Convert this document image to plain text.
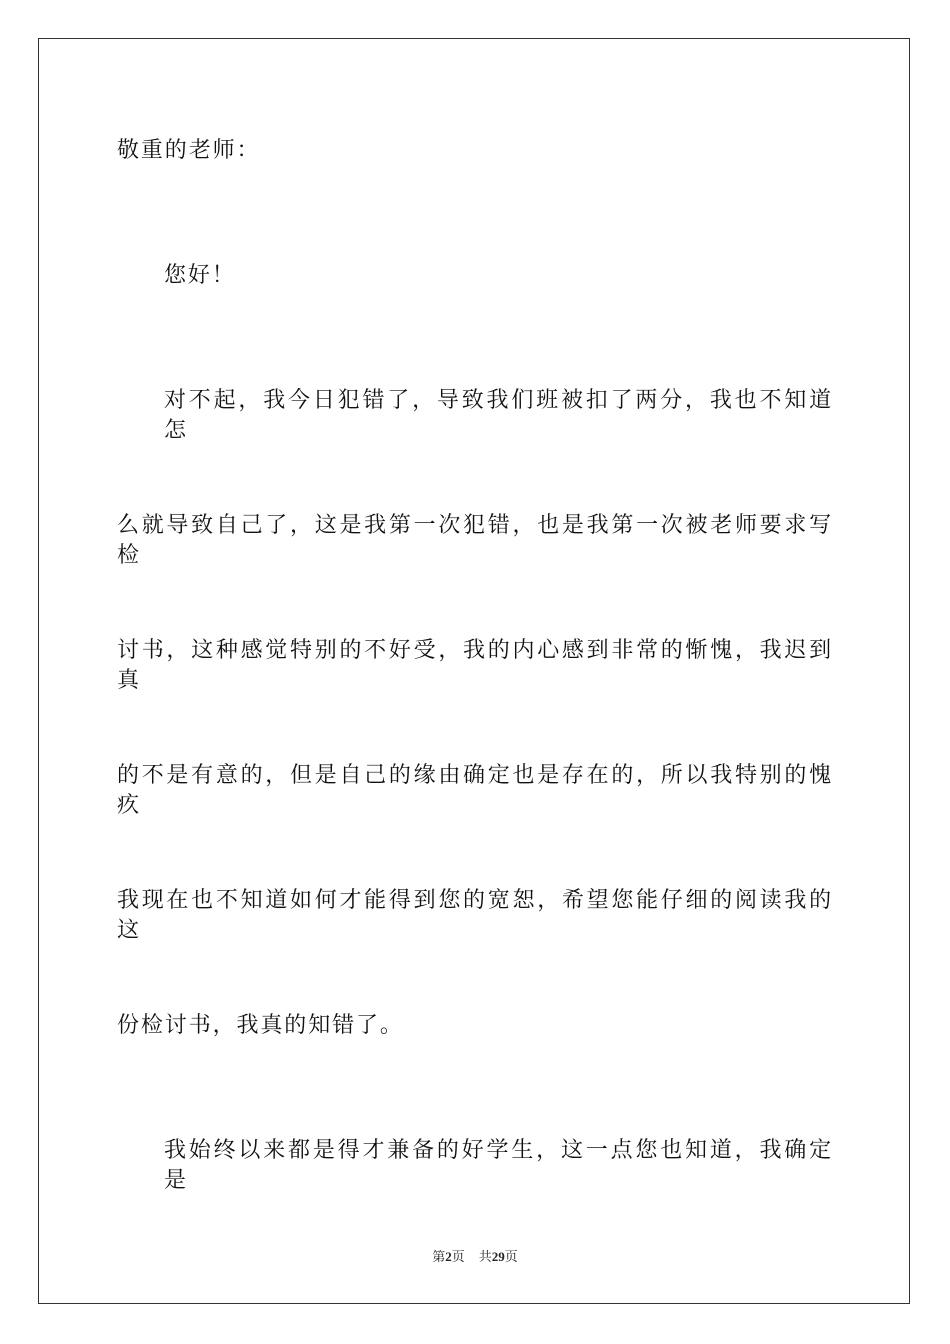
敬重的老师：
您好！
对不起，我今日犯错了，导致我们班被扣了两分，我也不知道怎
么就导致自己了，这是我第一次犯错，也是我第一次被老师要求写检
讨书，这种感觉特别的不好受，我的内心感到非常的惭愧，我迟到真
的不是有意的，但是自己的缘由确定也是存在的，所以我特别的愧疚
我现在也不知道如何才能得到您的宽恕，希望您能仔细的阅读我的这
份检讨书，我真的知错了。
我始终以来都是得才兼备的好学生，这一点您也知道，我确定是
第2页 共29页
